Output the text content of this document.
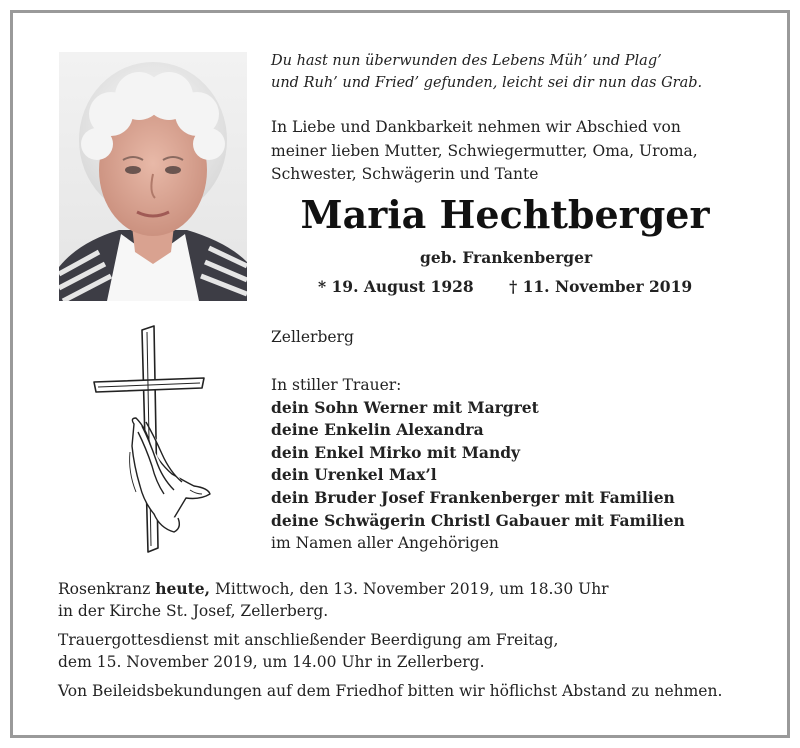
Du hast nun überwunden des Lebens Müh’ und Plag’
und Ruh’ und Fried’ gefunden, leicht sei dir nun das Grab.
In Liebe und Dankbarkeit nehmen wir Abschied von
meiner lieben Mutter, Schwiegermutter, Oma, Uroma,
Schwester, Schwägerin und Tante
Maria Hechtberger
geb. Frankenberger
* 19. August 1928 † 11. November 2019
Zellerberg
In stiller Trauer:
dein Sohn Werner mit Margret
deine Enkelin Alexandra
dein Enkel Mirko mit Mandy
dein Urenkel Max’l
dein Bruder Josef Frankenberger mit Familien
deine Schwägerin Christl Gabauer mit Familien
im Namen aller Angehörigen

Rosenkranz heute, Mittwoch, den 13. November 2019, um 18.30 Uhr
in der Kirche St. Josef, Zellerberg.

Trauergottesdienst mit anschließender Beerdigung am Freitag,
dem 15. November 2019, um 14.00 Uhr in Zellerberg.

Von Beileidsbekundungen auf dem Friedhof bitten wir höflichst Abstand zu nehmen.
